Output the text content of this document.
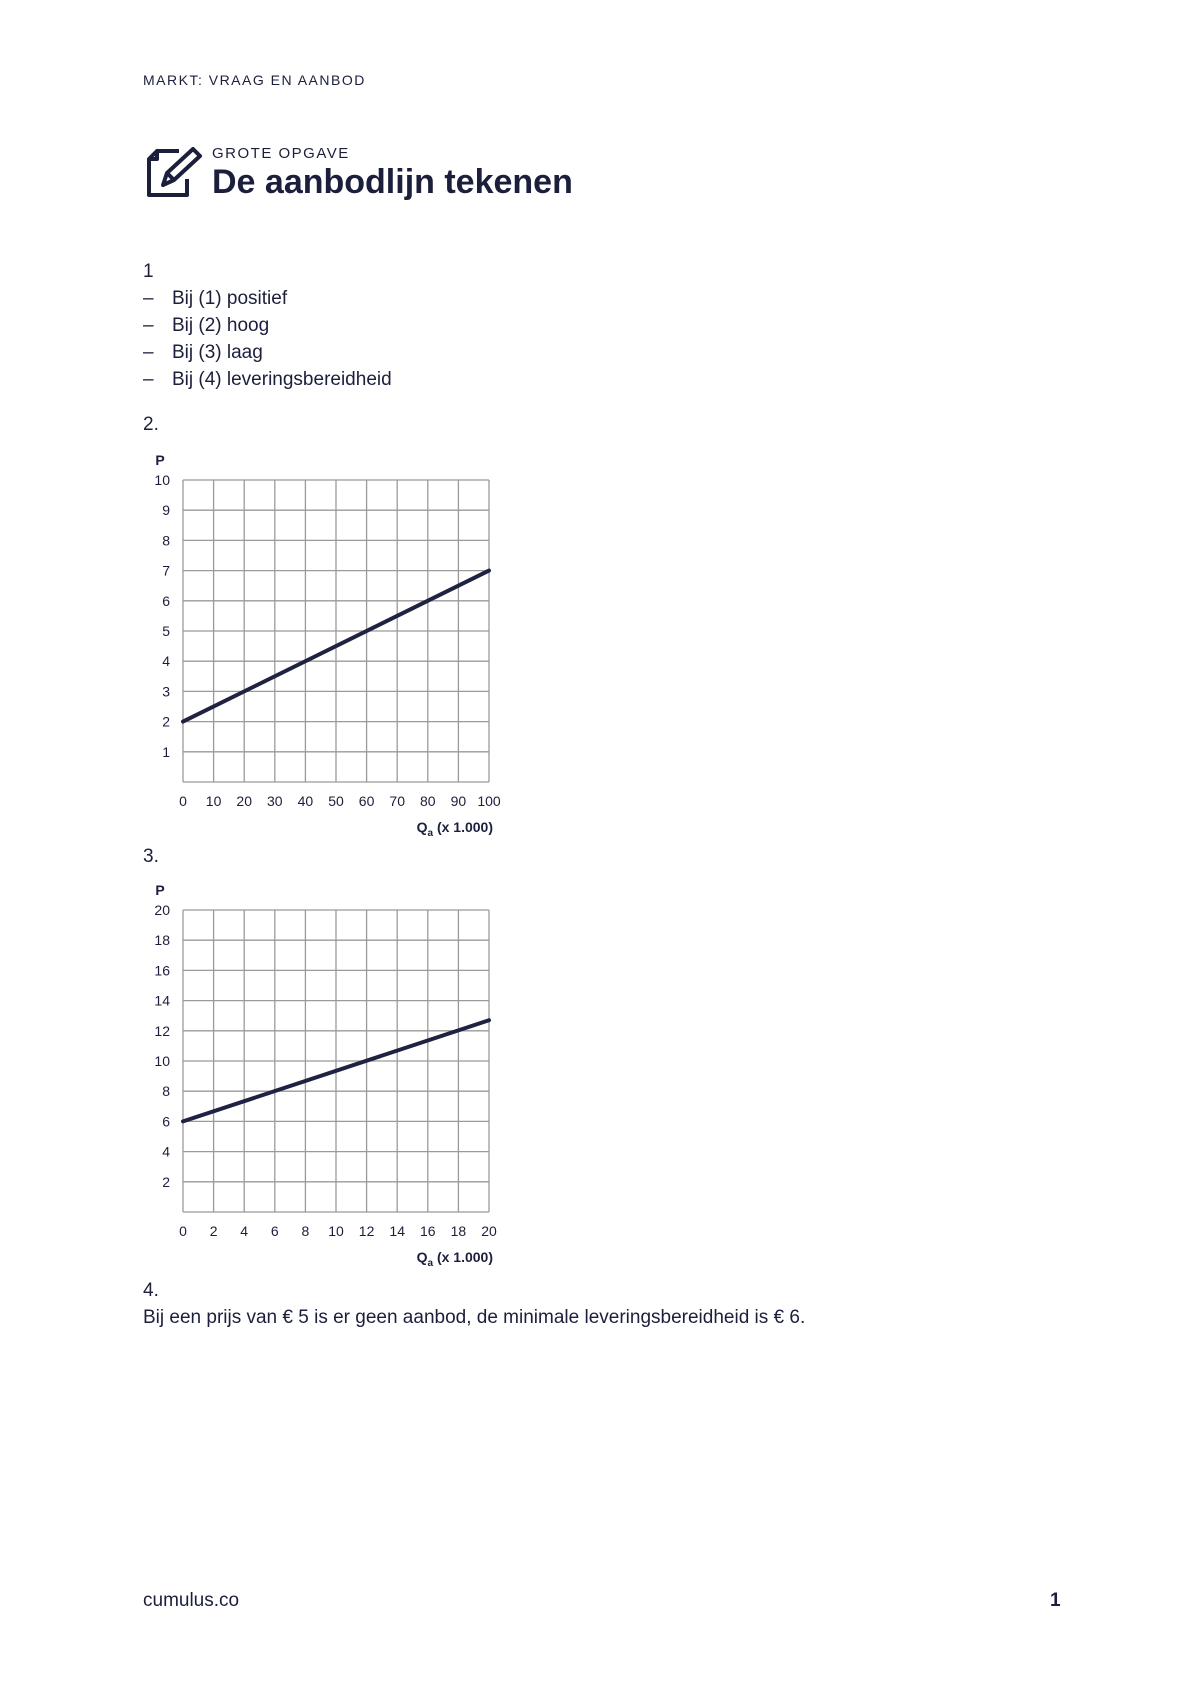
MARKT: VRAAG EN AANBOD
GROTE OPGAVE
De aanbodlijn tekenen

1

– Bij (1) positief
– Bij (2) hoog
– Bij (3) laag
– Bij (4) leveringsbereidheid

2.

1
2
3
4
5
6
7
8
9
10
0 10 20 30 40 50 60 70 80 90 100
P
$Q_a$ (x 1.000)

3.

2
4
6
8
10
12
14
16
18
20
0 2 4 6 8 10 12 14 16 18 20
P
$Q_a$ (x 1.000)
4.
Bij een prijs van € 5 is er geen aanbod, de minimale leveringsbereidheid is € 6.
cumulus.co	1
